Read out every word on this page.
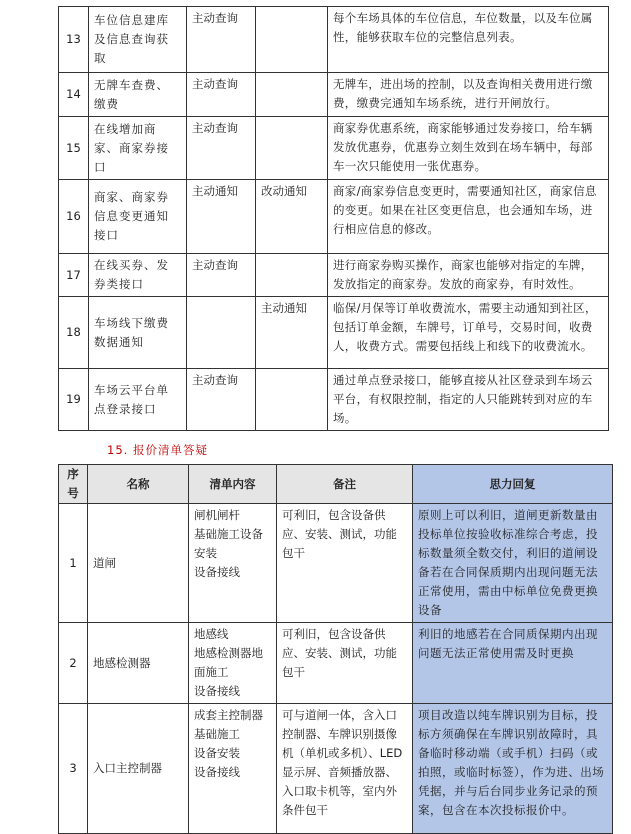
13	车位信息建库及信息查询获取	主动查询		每个车场具体的车位信息，车位数量，以及车位属性，能够获取车位的完整信息列表。
14	无牌车查费、缴费	主动查询		无牌车，进出场的控制，以及查询相关费用进行缴费，缴费完通知车场系统，进行开闸放行。
15	在线增加商家、商家券接口	主动查询		商家券优惠系统，商家能够通过发券接口，给车辆发放优惠券，优惠券立刻生效到在场车辆中，每部车一次只能使用一张优惠券。
16	商家、商家券信息变更通知接口	主动通知	改动通知	商家/商家券信息变更时，需要通知社区，商家信息的变更。如果在社区变更信息，也会通知车场，进行相应信息的修改。
17	在线买券、发券类接口	主动查询		进行商家券购买操作，商家也能够对指定的车牌，发放指定的商家券。发放的商家券，有时效性。
18	车场线下缴费数据通知		主动通知	临保/月保等订单收费流水，需要主动通知到社区，包括订单金额，车牌号，订单号，交易时间，收费人，收费方式。需要包括线上和线下的收费流水。
19	车场云平台单点登录接口	主动查询		通过单点登录接口，能够直接从社区登录到车场云平台，有权限控制，指定的人只能跳转到对应的车场。
15. 报价清单答疑
序号	名称	清单内容	备注	思力回复
1	道闸	闸机闸杆
基础施工设备
安装
设备接线	可利旧，包含设备供应、安装、测试，功能包干	原则上可以利旧，道闸更新数量由投标单位按验收标准综合考虑，投标数量须全数交付，利旧的道闸设备若在合同保质期内出现问题无法正常使用，需由中标单位免费更换设备
2	地感检测器	地感线
地感检测器地面施工
设备接线	可利旧，包含设备供应、安装、测试，功能包干	利旧的地感若在合同质保期内出现问题无法正常使用需及时更换
3	入口主控制器	成套主控制器
基础施工
设备安装
设备接线	可与道闸一体，含入口控制器、车牌识别摄像机（单机或多机）、LED显示屏、音频播放器、入口取卡机等，室内外条件包干	项目改造以纯车牌识别为目标，投标方须确保在车牌识别故障时，具备临时移动端（或手机）扫码（或拍照，或临时标签），作为进、出场凭据，并与后台同步业务记录的预案，包含在本次投标报价中。
